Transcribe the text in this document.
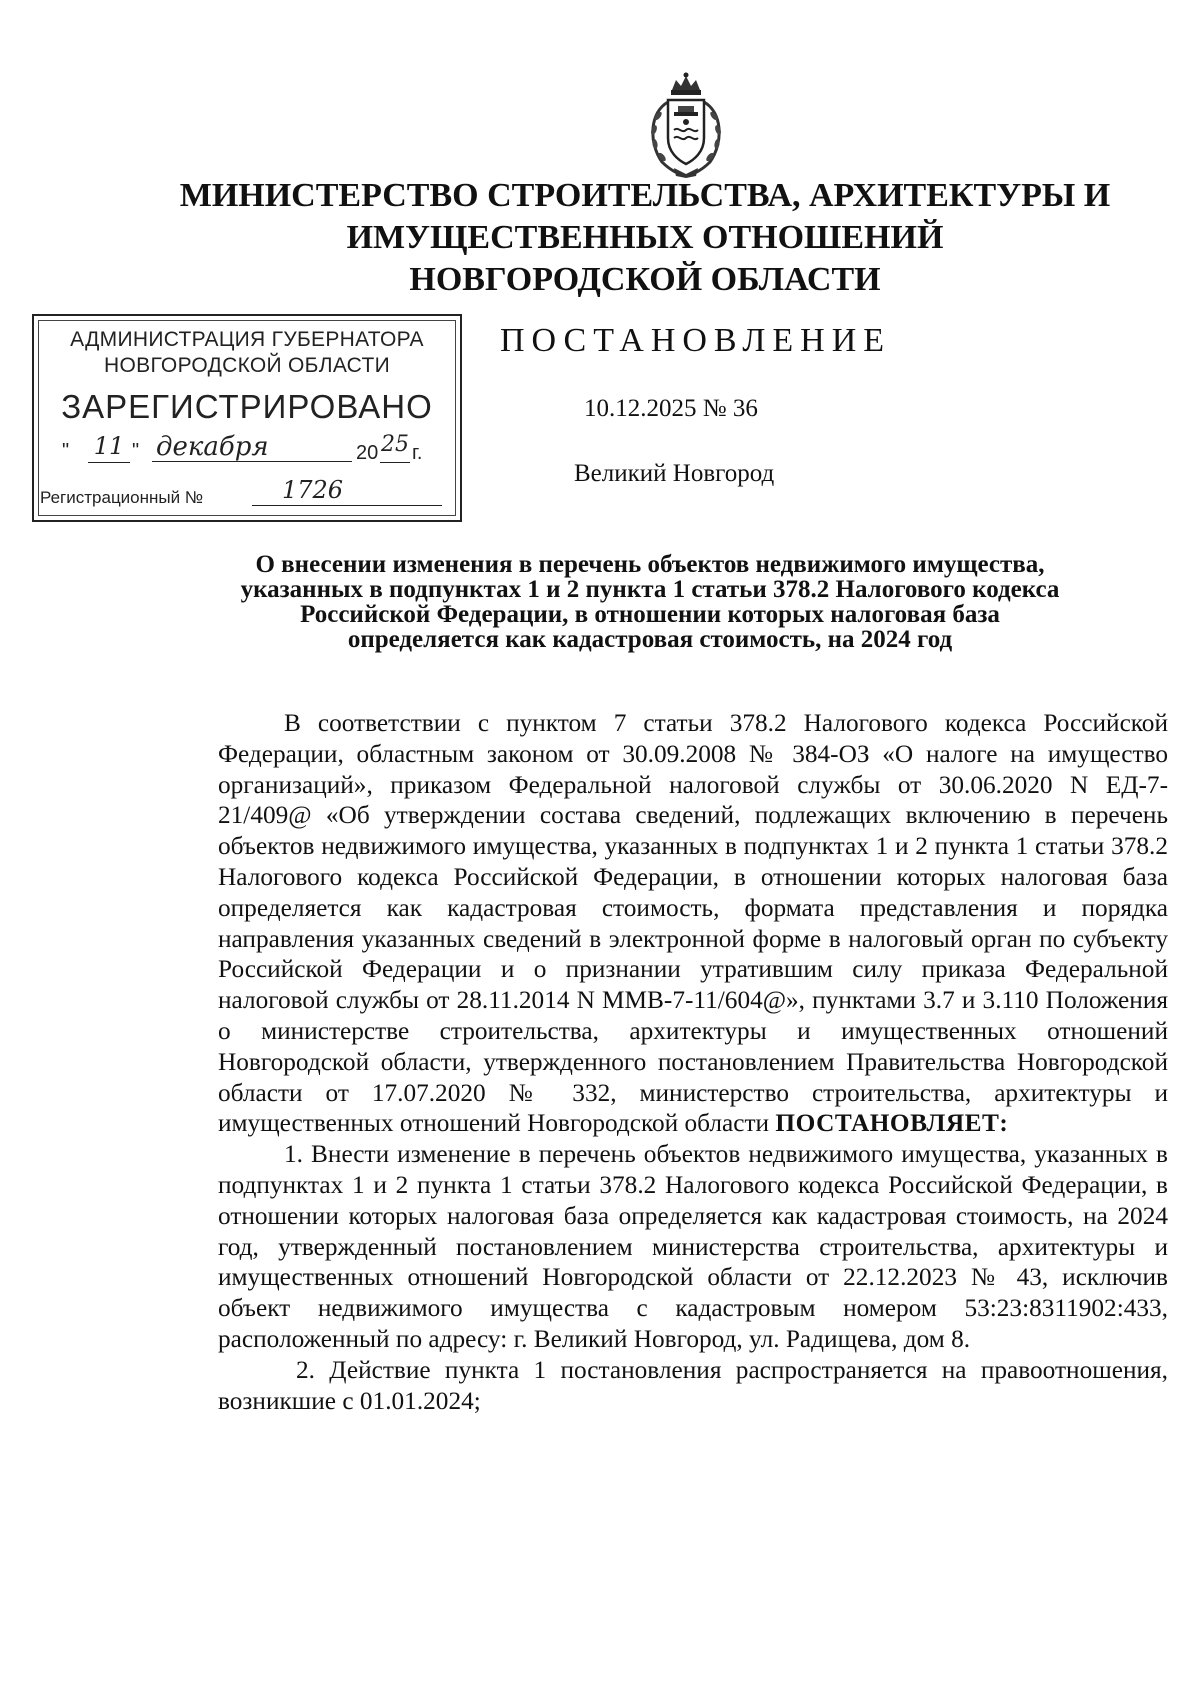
МИНИСТЕРСТВО СТРОИТЕЛЬСТВА, АРХИТЕКТУРЫ И
ИМУЩЕСТВЕННЫХ ОТНОШЕНИЙ
НОВГОРОДСКОЙ ОБЛАСТИ
АДМИНИСТРАЦИЯ ГУБЕРНАТОРА
НОВГОРОДСКОЙ ОБЛАСТИ
ЗАРЕГИСТРИРОВАНО
" 11 " декабря	20 25 г.
Регистрационный №	1726
ПОСТАНОВЛЕНИЕ
10.12.2025 № 36
Великий Новгород
О внесении изменения в перечень объектов недвижимого имущества,
указанных в подпунктах 1 и 2 пункта 1 статьи 378.2 Налогового кодекса
Российской Федерации, в отношении которых налоговая база
определяется как кадастровая стоимость, на 2024 год

В соответствии с пунктом 7 статьи 378.2 Налогового кодекса Российской Федерации, областным законом от 30.09.2008 № 384-ОЗ «О налоге на имущество организаций», приказом Федеральной налоговой службы от 30.06.2020 N ЕД-7-21/409@ «Об утверждении состава сведений, подлежащих включению в перечень объектов недвижимого имущества, указанных в подпунктах 1 и 2 пункта 1 статьи 378.2 Налогового кодекса Российской Федерации, в отношении которых налоговая база определяется как кадастровая стоимость, формата представления и порядка направления указанных сведений в электронной форме в налоговый орган по субъекту Российской Федерации и о признании утратившим силу приказа Федеральной налоговой службы от 28.11.2014 N ММВ-7-11/604@», пунктами 3.7 и 3.110 Положения о министерстве строительства, архитектуры и имущественных отношений Новгородской области, утвержденного постановлением Правительства Новгородской области от 17.07.2020 № 332, министерство строительства, архитектуры и имущественных отношений Новгородской области ПОСТАНОВЛЯЕТ:

1. Внести изменение в перечень объектов недвижимого имущества, указанных в подпунктах 1 и 2 пункта 1 статьи 378.2 Налогового кодекса Российской Федерации, в отношении которых налоговая база определяется как кадастровая стоимость, на 2024 год, утвержденный постановлением министерства строительства, архитектуры и имущественных отношений Новгородской области от 22.12.2023 № 43, исключив объект недвижимого имущества с кадастровым номером 53:23:8311902:433, расположенный по адресу: г. Великий Новгород, ул. Радищева, дом 8.

2. Действие пункта 1 постановления распространяется на правоотношения, возникшие с 01.01.2024;
